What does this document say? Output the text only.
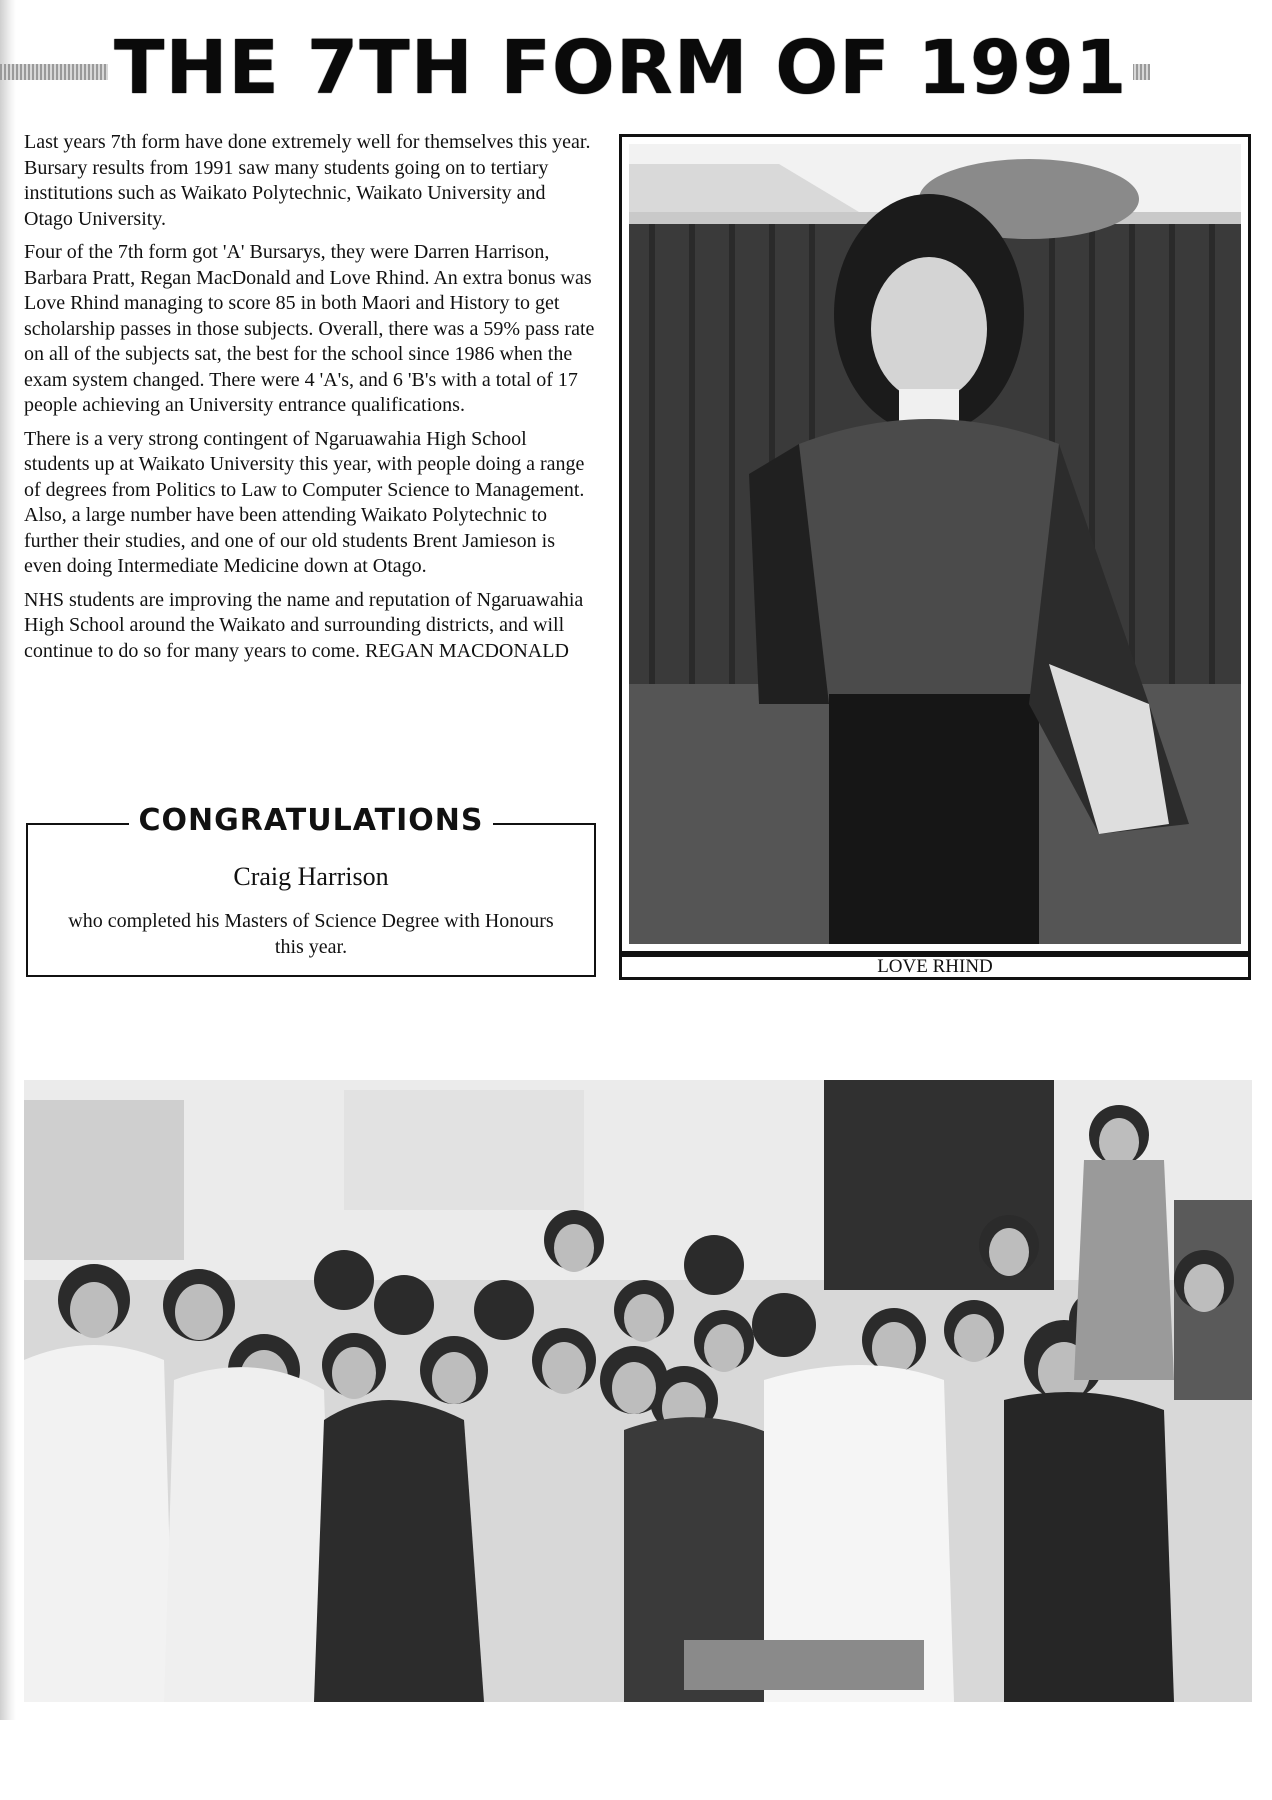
THE 7TH FORM OF 1991

Last years 7th form have done extremely well for themselves this year. Bursary results from 1991 saw many students going on to tertiary institutions such as Waikato Polytechnic, Waikato University and Otago University.

Four of the 7th form got 'A' Bursarys, they were Darren Harrison, Barbara Pratt, Regan MacDonald and Love Rhind. An extra bonus was Love Rhind managing to score 85 in both Maori and History to get scholarship passes in those subjects. Overall, there was a 59% pass rate on all of the subjects sat, the best for the school since 1986 when the exam system changed. There were 4 'A's, and 6 'B's with a total of 17 people achieving an University entrance qualifications.

There is a very strong contingent of Ngaruawahia High School students up at Waikato University this year, with people doing a range of degrees from Politics to Law to Computer Science to Management. Also, a large number have been attending Waikato Polytechnic to further their studies, and one of our old students Brent Jamieson is even doing Intermediate Medicine down at Otago.

NHS students are improving the name and reputation of Ngaruawahia High School around the Waikato and surrounding districts, and will continue to do so for many years to come. REGAN MACDONALD

CONGRATULATIONS
Craig Harrison
who completed his Masters of Science Degree with Honours this year.
LOVE RHIND
